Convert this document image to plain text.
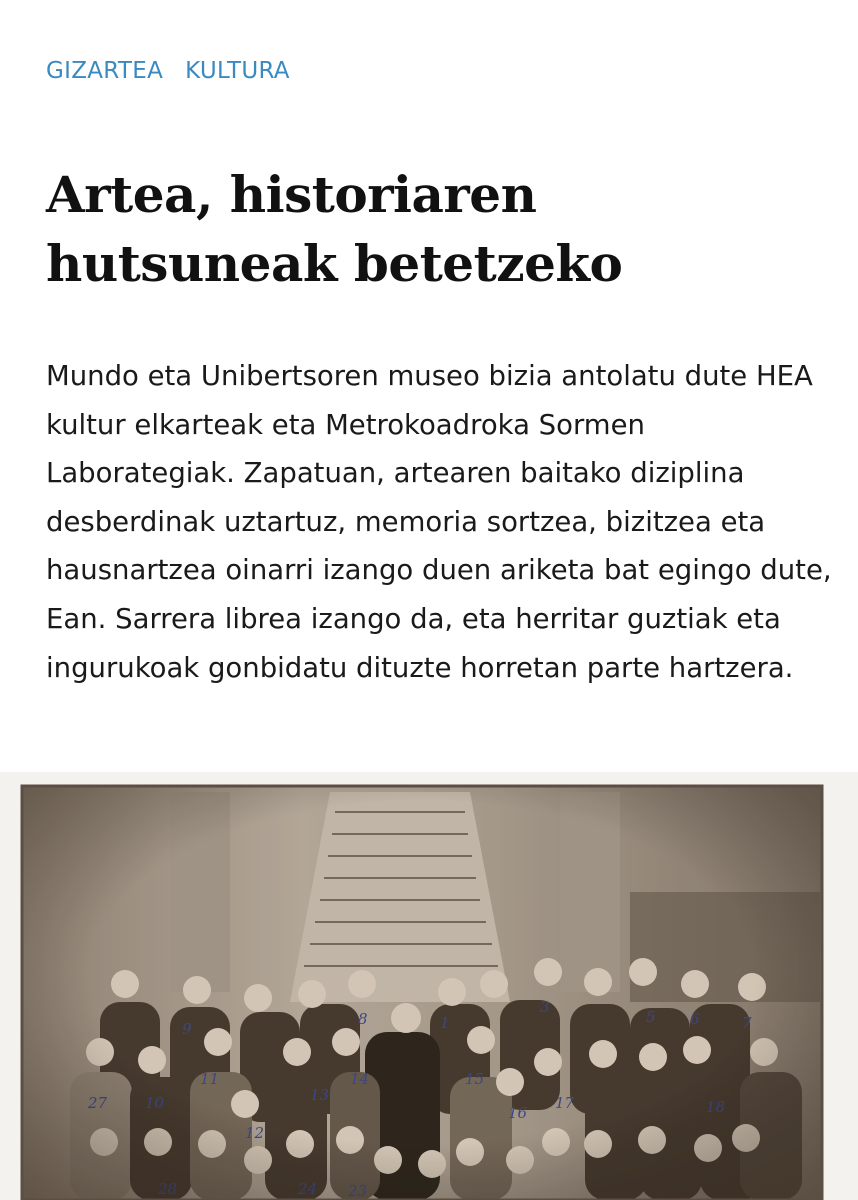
GIZARTEA KULTURA
Artea, historiaren hutsuneak betetzeko

Mundo eta Unibertsoren museo bizia antolatu dute HEA kultur elkarteak eta Metrokoadroka Sormen Laborategiak. Zapatuan, artearen baitako diziplina desberdinak uztartuz, memoria sortzea, bizitzea eta hausnartzea oinarri izango duen ariketa bat egingo dute, Ean. Sarrera librea izango da, eta herritar guztiak eta ingurukoak gonbidatu dituzte horretan parte hartzera.
